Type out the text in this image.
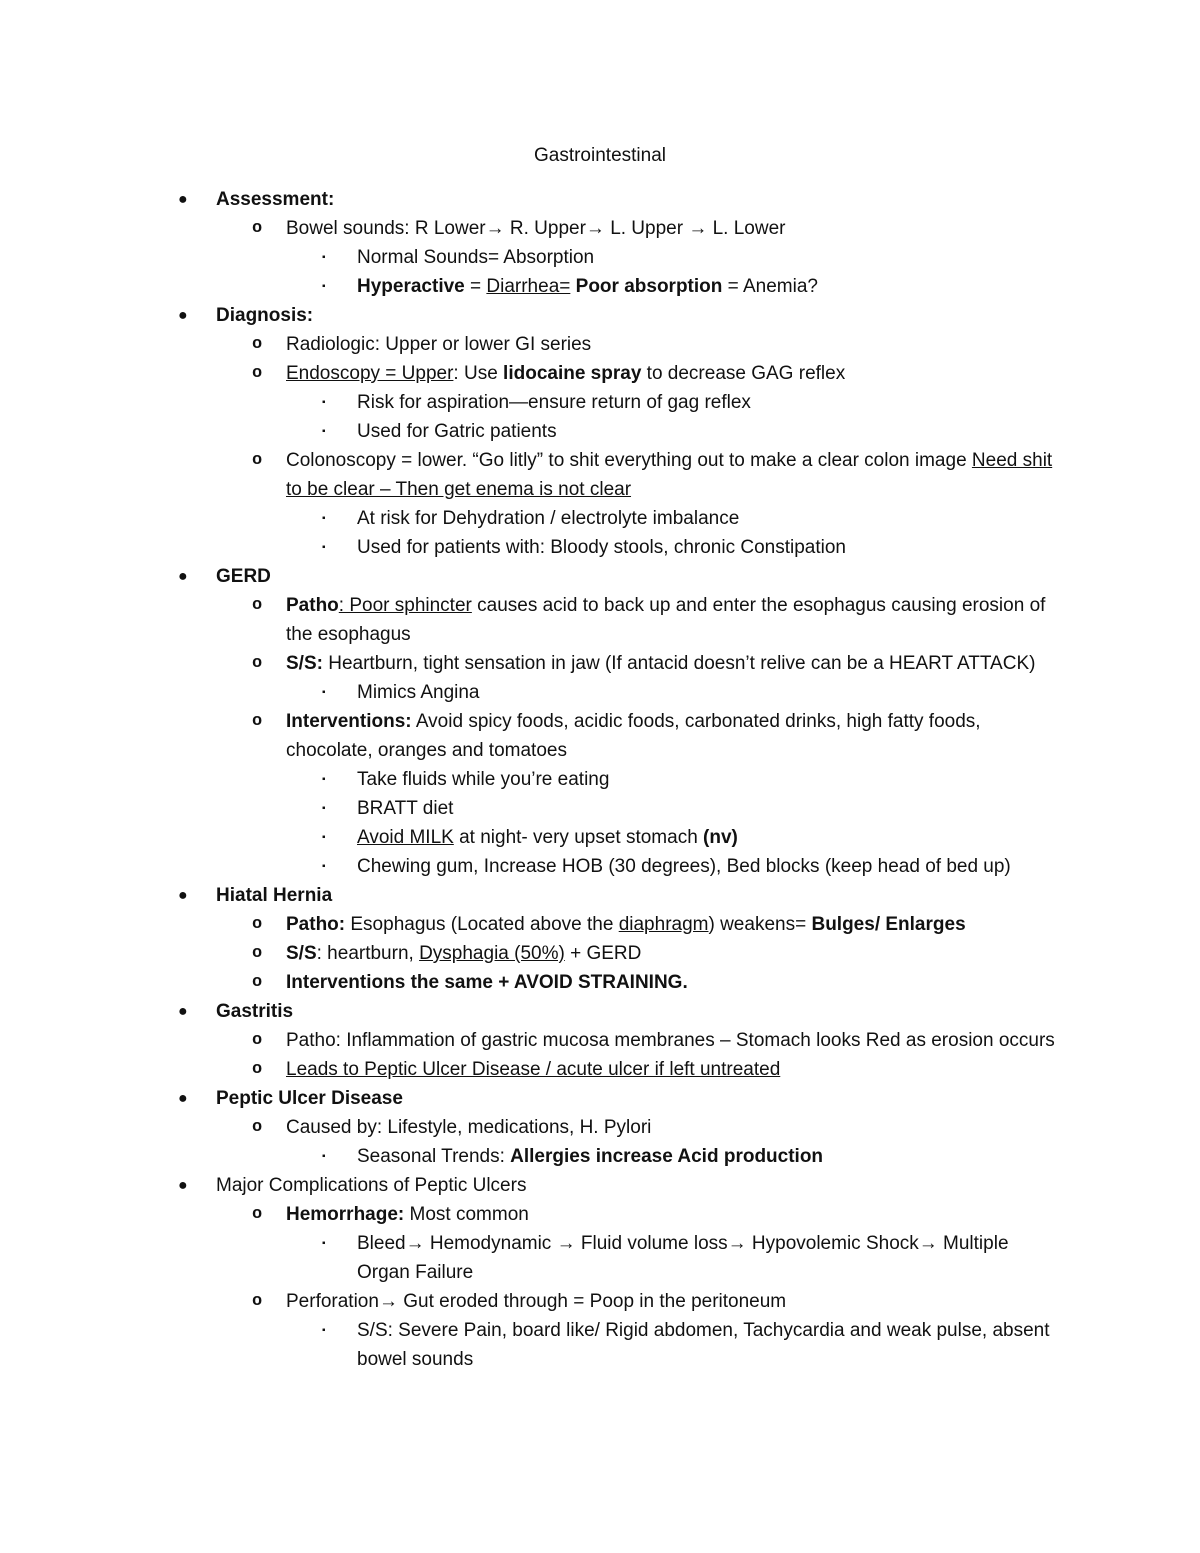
Gastrointestinal
● Assessment:
o Bowel sounds: R Lower→ R. Upper→ L. Upper → L. Lower
▪ Normal Sounds= Absorption
▪ Hyperactive = Diarrhea= Poor absorption = Anemia?
● Diagnosis:
o Radiologic: Upper or lower GI series
o Endoscopy = Upper: Use lidocaine spray to decrease GAG reflex
▪ Risk for aspiration—ensure return of gag reflex
▪ Used for Gatric patients
o Colonoscopy = lower. “Go litly” to shit everything out to make a clear colon image Need shit to be clear – Then get enema is not clear
▪ At risk for Dehydration / electrolyte imbalance
▪ Used for patients with: Bloody stools, chronic Constipation
● GERD
o Patho: Poor sphincter causes acid to back up and enter the esophagus causing erosion of the esophagus
o S/S: Heartburn, tight sensation in jaw (If antacid doesn’t relive can be a HEART ATTACK)
▪ Mimics Angina
o Interventions: Avoid spicy foods, acidic foods, carbonated drinks, high fatty foods, chocolate, oranges and tomatoes
▪ Take fluids while you’re eating
▪ BRATT diet
▪ Avoid MILK at night- very upset stomach (nv)
▪ Chewing gum, Increase HOB (30 degrees), Bed blocks (keep head of bed up)
● Hiatal Hernia
o Patho: Esophagus (Located above the diaphragm) weakens= Bulges/ Enlarges
o S/S: heartburn, Dysphagia (50%) + GERD
o Interventions the same + AVOID STRAINING.
● Gastritis
o Patho: Inflammation of gastric mucosa membranes – Stomach looks Red as erosion occurs
o Leads to Peptic Ulcer Disease / acute ulcer if left untreated
● Peptic Ulcer Disease
o Caused by: Lifestyle, medications, H. Pylori
▪ Seasonal Trends: Allergies increase Acid production
● Major Complications of Peptic Ulcers
o Hemorrhage: Most common
▪ Bleed→ Hemodynamic → Fluid volume loss→ Hypovolemic Shock→ Multiple Organ Failure
o Perforation→ Gut eroded through = Poop in the peritoneum
▪ S/S: Severe Pain, board like/ Rigid abdomen, Tachycardia and weak pulse, absent bowel sounds
